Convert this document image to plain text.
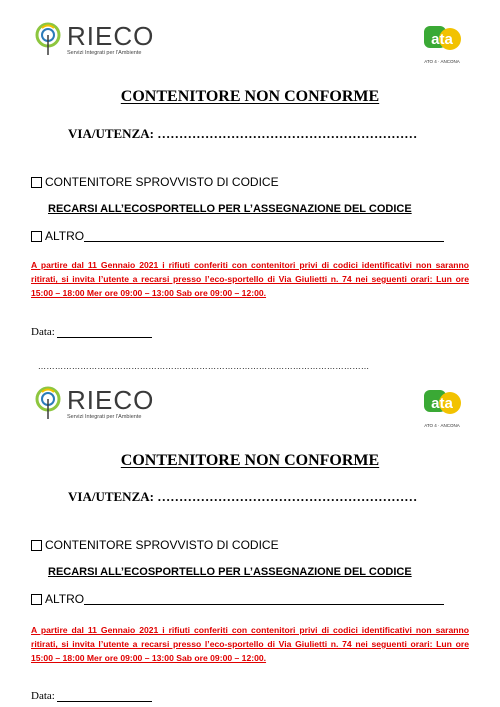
RIECO
Servizi Integrati per l'Ambiente
ata
ATO 4 · ANCONA
CONTENITORE NON CONFORME
VIA/UTENZA: ……………………………………………………
CONTENITORE SPROVVISTO DI CODICE
RECARSI ALL’ECOSPORTELLO PER L’ASSEGNAZIONE DEL CODICE
ALTRO
A partire dal 11 Gennaio 2021 i rifiuti conferiti con contenitori privi di codici identificativi non saranno ritirati, si invita l’utente a recarsi presso l’eco-sportello di Via Giulietti n. 74 nei seguenti orari: Lun ore 15:00 – 18:00 Mer ore 09:00 – 13:00 Sab ore 09:00 – 12:00.
Data:
………………………………………………………………………………………………………
RIECO
Servizi Integrati per l'Ambiente
ata
ATO 4 · ANCONA
CONTENITORE NON CONFORME
VIA/UTENZA: ……………………………………………………
CONTENITORE SPROVVISTO DI CODICE
RECARSI ALL’ECOSPORTELLO PER L’ASSEGNAZIONE DEL CODICE
ALTRO
A partire dal 11 Gennaio 2021 i rifiuti conferiti con contenitori privi di codici identificativi non saranno ritirati, si invita l’utente a recarsi presso l’eco-sportello di Via Giulietti n. 74 nei seguenti orari: Lun ore 15:00 – 18:00 Mer ore 09:00 – 13:00 Sab ore 09:00 – 12:00.
Data:
